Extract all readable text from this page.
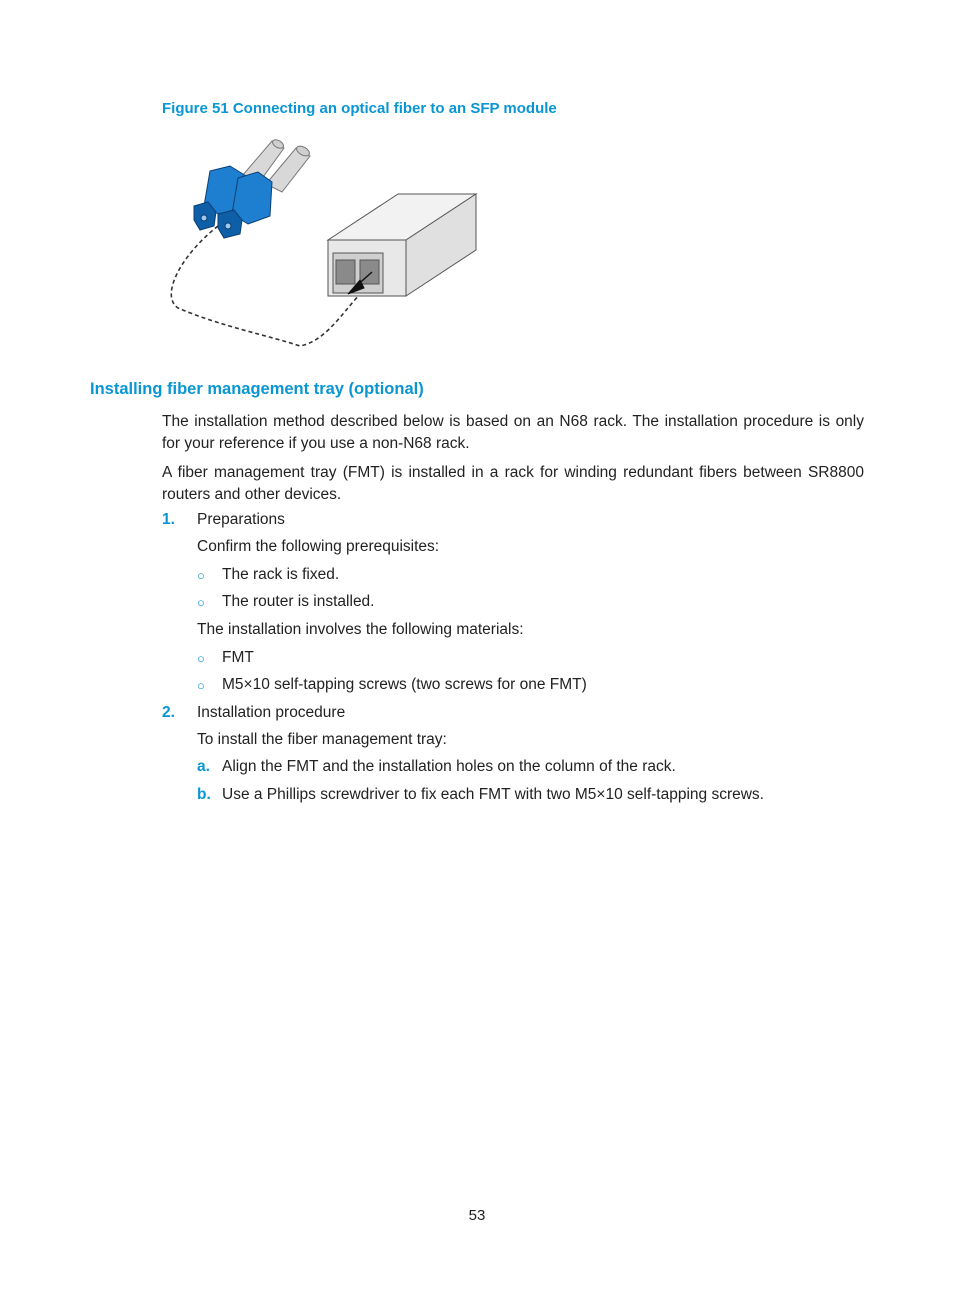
Figure 51 Connecting an optical fiber to an SFP module
Installing fiber management tray (optional)
The installation method described below is based on an N68 rack. The installation procedure is only for your reference if you use a non-N68 rack.
A fiber management tray (FMT) is installed in a rack for winding redundant fibers between SR8800 routers and other devices.
1. Preparations
Confirm the following prerequisites:
○ The rack is fixed.
○ The router is installed.
The installation involves the following materials:
○ FMT
○ M5×10 self-tapping screws (two screws for one FMT)
2. Installation procedure
To install the fiber management tray:
a. Align the FMT and the installation holes on the column of the rack.
b. Use a Phillips screwdriver to fix each FMT with two M5×10 self-tapping screws.
53
